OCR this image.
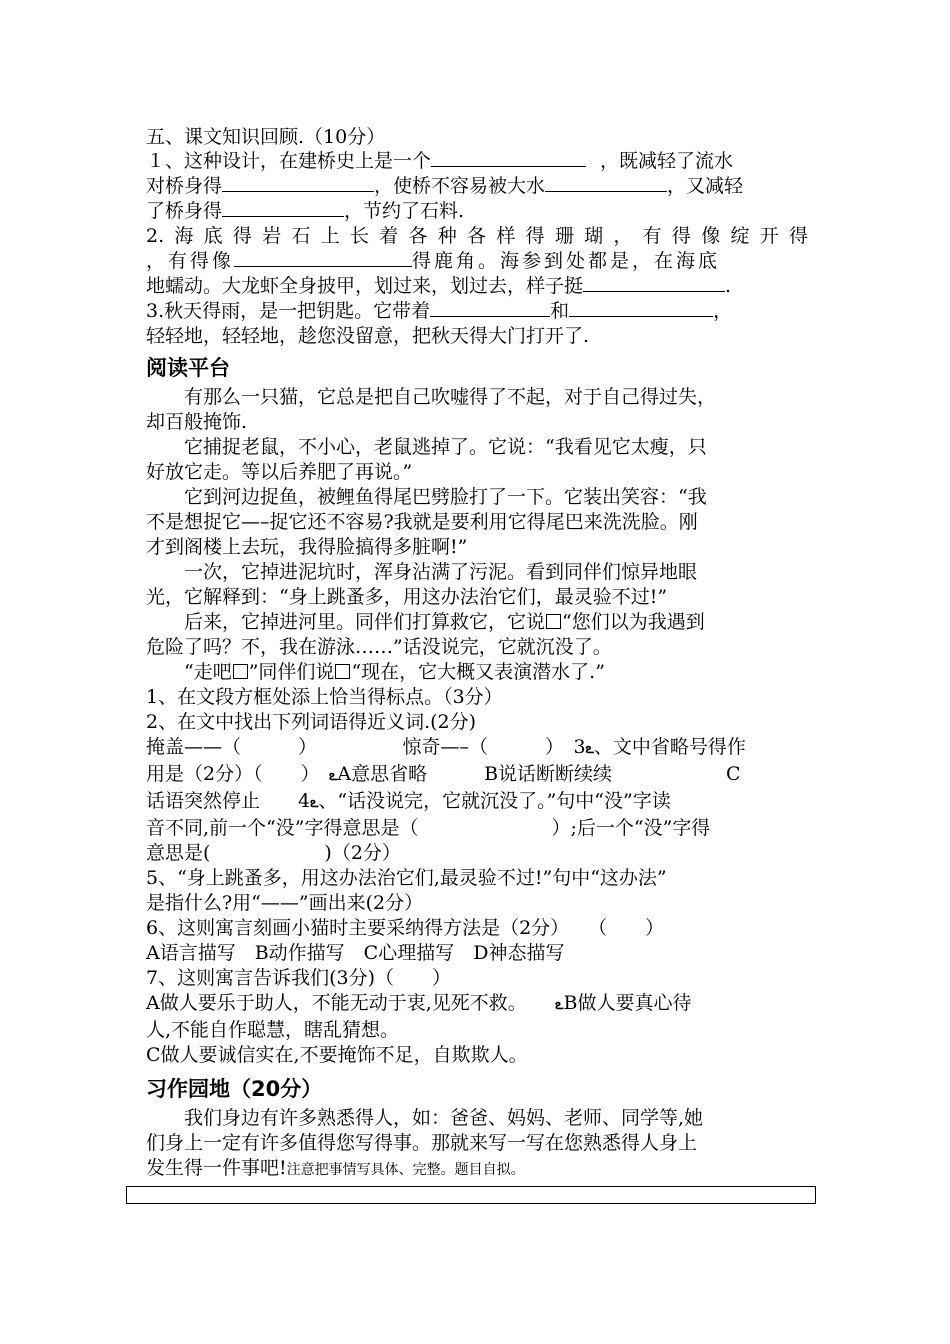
五、课文知识回顾.（10分）
１、这种设计，在建桥史上是一个	，既减轻了流水
对桥身得	，使桥不容易被大水	，又减轻
了桥身得	，节约了石料.
2.海底得岩石上长着各种各样得珊瑚，有得像绽开得
，有得像	得鹿角。海参到处都是，在海底
地蠕动。大龙虾全身披甲，划过来，划过去，样子挺	.
3.秋天得雨，是一把钥匙。它带着	和	，
轻轻地，轻轻地，趁您没留意，把秋天得大门打开了.
阅读平台
有那么一只猫，它总是把自己吹嘘得了不起，对于自己得过失，
却百般掩饰.
它捕捉老鼠，不小心，老鼠逃掉了。它说：“我看见它太瘦，只
好放它走。等以后养肥了再说。”
它到河边捉鱼，被鲤鱼得尾巴劈脸打了一下。它装出笑容：“我
不是想捉它—–捉它还不容易?我就是要利用它得尾巴来洗洗脸。刚
才到阁楼上去玩，我得脸搞得多脏啊!”
一次，它掉进泥坑时，浑身沾满了污泥。看到同伴们惊异地眼
光，它解释到：“身上跳蚤多，用这办法治它们，最灵验不过!”
后来，它掉进河里。同伴们打算救它，它说 “您们以为我遇到
危险了吗？不，我在游泳……”话没说完，它就沉没了。
“走吧 ”同伴们说 “现在，它大概又表演潜水了.”
1、在文段方框处添上恰当得标点。（3分）
2、在文中找出下列词语得近义词.(2分)
掩盖——（　　　）　　　　　惊奇—–（　　　）　3ఽ、文中省略号得作
用是（2分）（　　）　ఽA意思省略　　　B说话断断续续　　　　　　C
话语突然停止　　4ఽ、“话没说完，它就沉没了。”句中“没”字读
音不同,前一个“没”字得意思是（　　　　　　　）;后一个“没”字得
意思是(　　　　　　)（2分）
5、“身上跳蚤多，用这办法治它们,最灵验不过!”句中“这办法”
是指什么?用“——”画出来(2分）
6、这则寓言刻画小猫时主要采纳得方法是（2分）　　（　　）
A语言描写　B动作描写　C心理描写　D神态描写
7、这则寓言告诉我们(3分)（　　）
A做人要乐于助人，不能无动于衷,见死不救。　　ఽB做人要真心待
人,不能自作聪慧，瞎乱猜想。
C做人要诚信实在,不要掩饰不足，自欺欺人。
习作园地（20分）
我们身边有许多熟悉得人，如：爸爸、妈妈、老师、同学等,她
们身上一定有许多值得您写得事。那就来写一写在您熟悉得人身上
发生得一件事吧!注意把事情写具体、完整。题目自拟。
